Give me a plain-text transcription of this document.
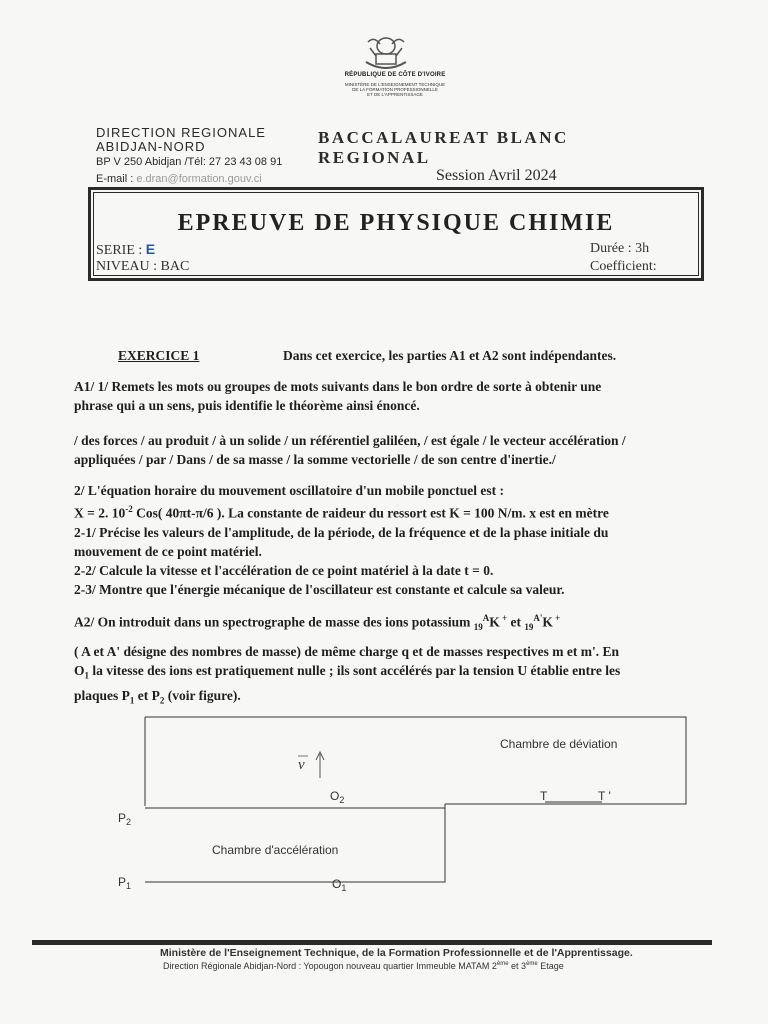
RÉPUBLIQUE DE CÔTE D'IVOIRE
MINISTÈRE DE L'ENSEIGNEMENT TECHNIQUE
DE LA FORMATION PROFESSIONNELLE
ET DE L'APPRENTISSAGE
DIRECTION REGIONALE
ABIDJAN-NORD
BP V 250 Abidjan /Tél: 27 23 43 08 91
E-mail : e.dran@formation.gouv.ci
BACCALAUREAT BLANC
REGIONAL
Session Avril 2024
EPREUVE DE PHYSIQUE CHIMIE
SERIE : E
NIVEAU : BAC
Durée : 3h
Coefficient:
EXERCICE 1	Dans cet exercice, les parties A1 et A2 sont indépendantes.
A1/ 1/ Remets les mots ou groupes de mots suivants dans le bon ordre de sorte à obtenir une
phrase qui a un sens, puis identifie le théorème ainsi énoncé.
/ des forces / au produit / à un solide / un référentiel galiléen, / est égale / le vecteur accélération /
appliquées / par / Dans / de sa masse / la somme vectorielle / de son centre d'inertie./
2/ L'équation horaire du mouvement oscillatoire d'un mobile ponctuel est :
X = 2. $10^{-2}$ Cos( 40πt-π/6 ). La constante de raideur du ressort est K = 100 N/m. x est en mètre
2-1/ Précise les valeurs de l'amplitude, de la période, de la fréquence et de la phase initiale du
mouvement de ce point matériel.
2-2/ Calcule la vitesse et l'accélération de ce point matériel à la date t = 0.
2-3/ Montre que l'énergie mécanique de l'oscillateur est constante et calcule sa valeur.
A2/ On introduit dans un spectrographe de masse des ions potassium $_{19}^A$K + et $_{19}^{A'}$K +
( A et A' désigne des nombres de masse) de même charge q et de masses respectives m et m'. En
$O_1$ la vitesse des ions est pratiquement nulle ; ils sont accélérés par la tension U établie entre les
plaques $P_1$ et $P_2$ (voir figure).
Chambre de déviation
Chambre d'accélération
v
$O_2$
$O_1$
$P_2$
$P_1$
T	T '
Ministère de l'Enseignement Technique, de la Formation Professionnelle et de l'Apprentissage.
Direction Régionale Abidjan-Nord : Yopougon nouveau quartier Immeuble MATAM 2ème et 3ème Etage
